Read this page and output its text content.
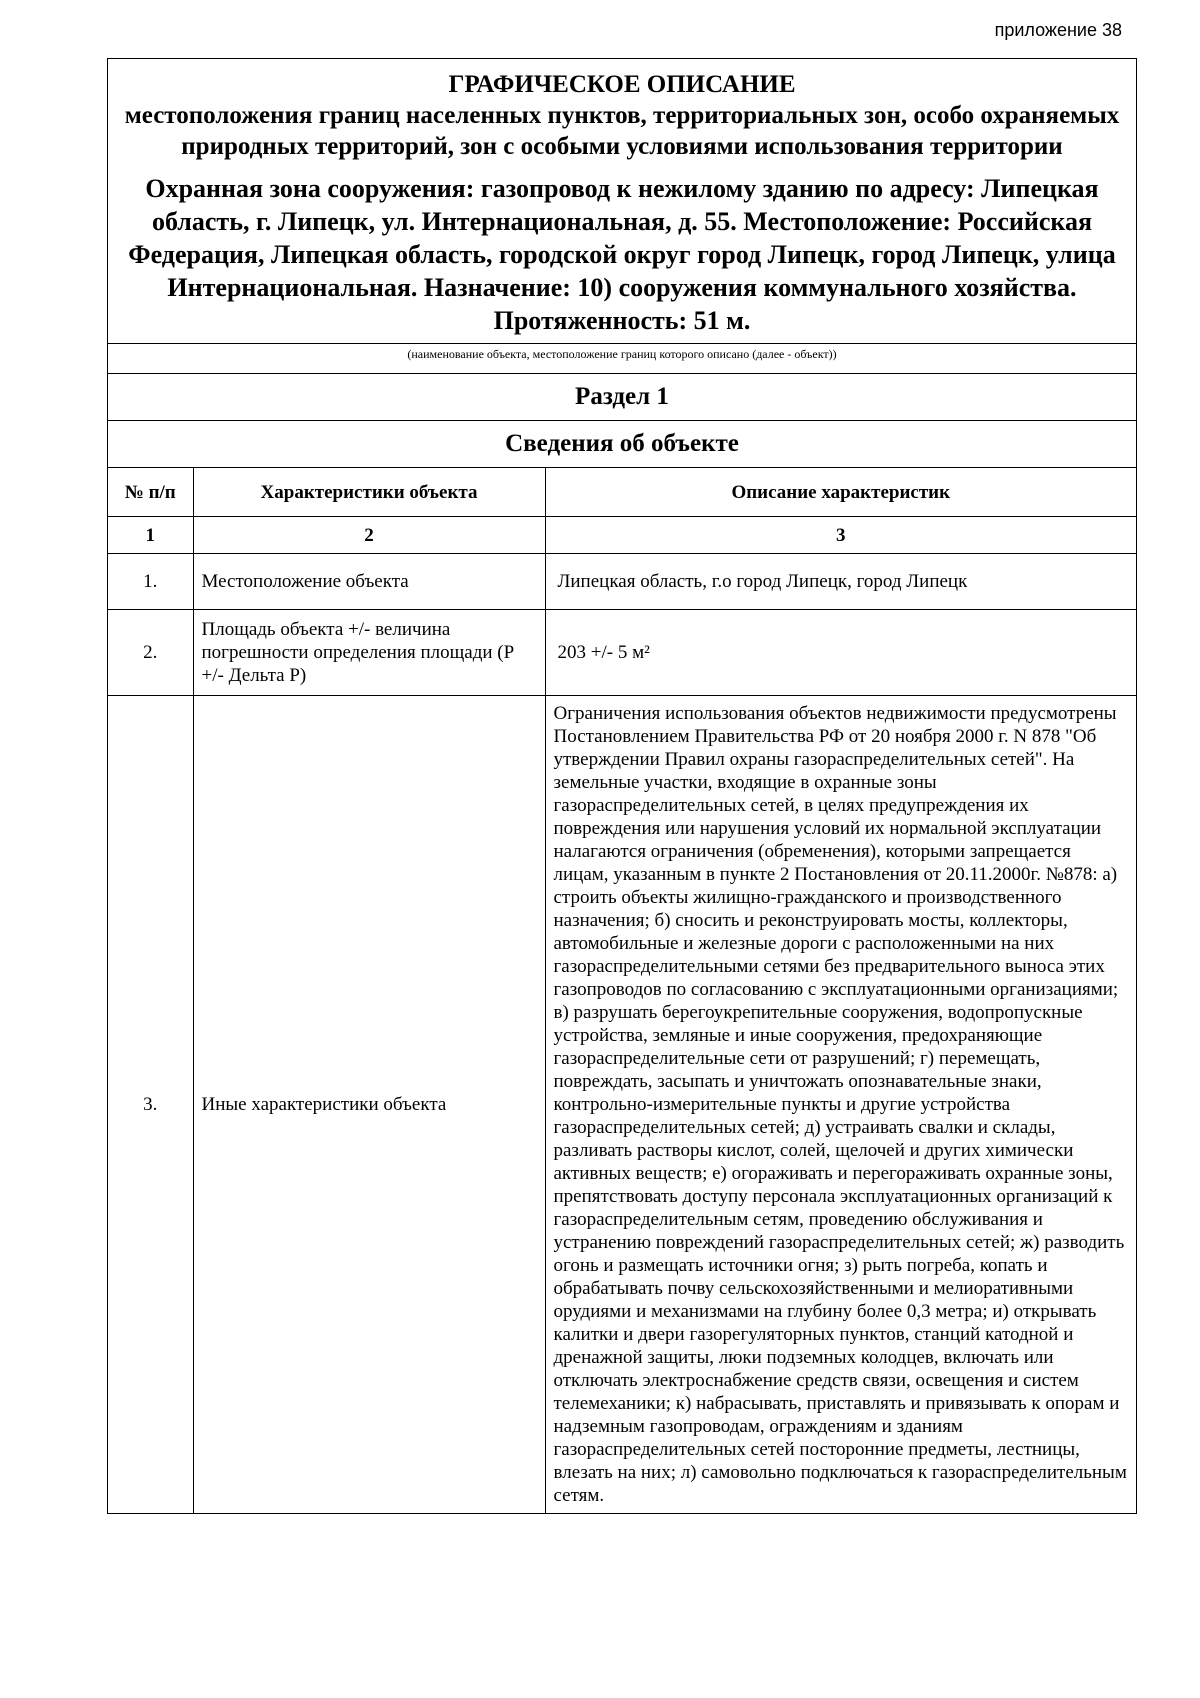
приложение 38
ГРАФИЧЕСКОЕ ОПИСАНИЕ
местоположения границ населенных пунктов, территориальных зон, особо охраняемых природных территорий, зон с особыми условиями использования территории
Охранная зона сооружения: газопровод к нежилому зданию по адресу: Липецкая область, г. Липецк, ул. Интернациональная, д. 55. Местоположение: Российская Федерация, Липецкая область, городской округ город Липецк, город Липецк, улица Интернациональная. Назначение: 10) сооружения коммунального хозяйства. Протяженность: 51 м.
(наименование объекта, местоположение границ которого описано (далее - объект))
Раздел 1
Сведения об объекте
№ п/п	Характеристики объекта	Описание характеристик
1	2	3
1.	Местоположение объекта	Липецкая область, г.о город Липецк, город Липецк
2.	Площадь объекта +/- величина погрешности определения площади (Р +/- Дельта Р)	203 +/- 5 м²
3.	Иные характеристики объекта	Ограничения использования объектов недвижимости предусмотрены Постановлением Правительства РФ от 20 ноября 2000 г. N 878 "Об утверждении Правил охраны газораспределительных сетей". На земельные участки, входящие в охранные зоны газораспределительных сетей, в целях предупреждения их повреждения или нарушения условий их нормальной эксплуатации налагаются ограничения (обременения), которыми запрещается лицам, указанным в пункте 2 Постановления от 20.11.2000г. №878: а) строить объекты жилищно-гражданского и производственного назначения; б) сносить и реконструировать мосты, коллекторы, автомобильные и железные дороги с расположенными на них газораспределительными сетями без предварительного выноса этих газопроводов по согласованию с эксплуатационными организациями; в) разрушать берегоукрепительные сооружения, водопропускные устройства, земляные и иные сооружения, предохраняющие газораспределительные сети от разрушений; г) перемещать, повреждать, засыпать и уничтожать опознавательные знаки, контрольно-измерительные пункты и другие устройства газораспределительных сетей; д) устраивать свалки и склады, разливать растворы кислот, солей, щелочей и других химически активных веществ; е) огораживать и перегораживать охранные зоны, препятствовать доступу персонала эксплуатационных организаций к газораспределительным сетям, проведению обслуживания и устранению повреждений газораспределительных сетей; ж) разводить огонь и размещать источники огня; з) рыть погреба, копать и обрабатывать почву сельскохозяйственными и мелиоративными орудиями и механизмами на глубину более 0,3 метра; и) открывать калитки и двери газорегуляторных пунктов, станций катодной и дренажной защиты, люки подземных колодцев, включать или отключать электроснабжение средств связи, освещения и систем телемеханики; к) набрасывать, приставлять и привязывать к опорам и надземным газопроводам, ограждениям и зданиям газораспределительных сетей посторонние предметы, лестницы, влезать на них; л) самовольно подключаться к газораспределительным сетям.
